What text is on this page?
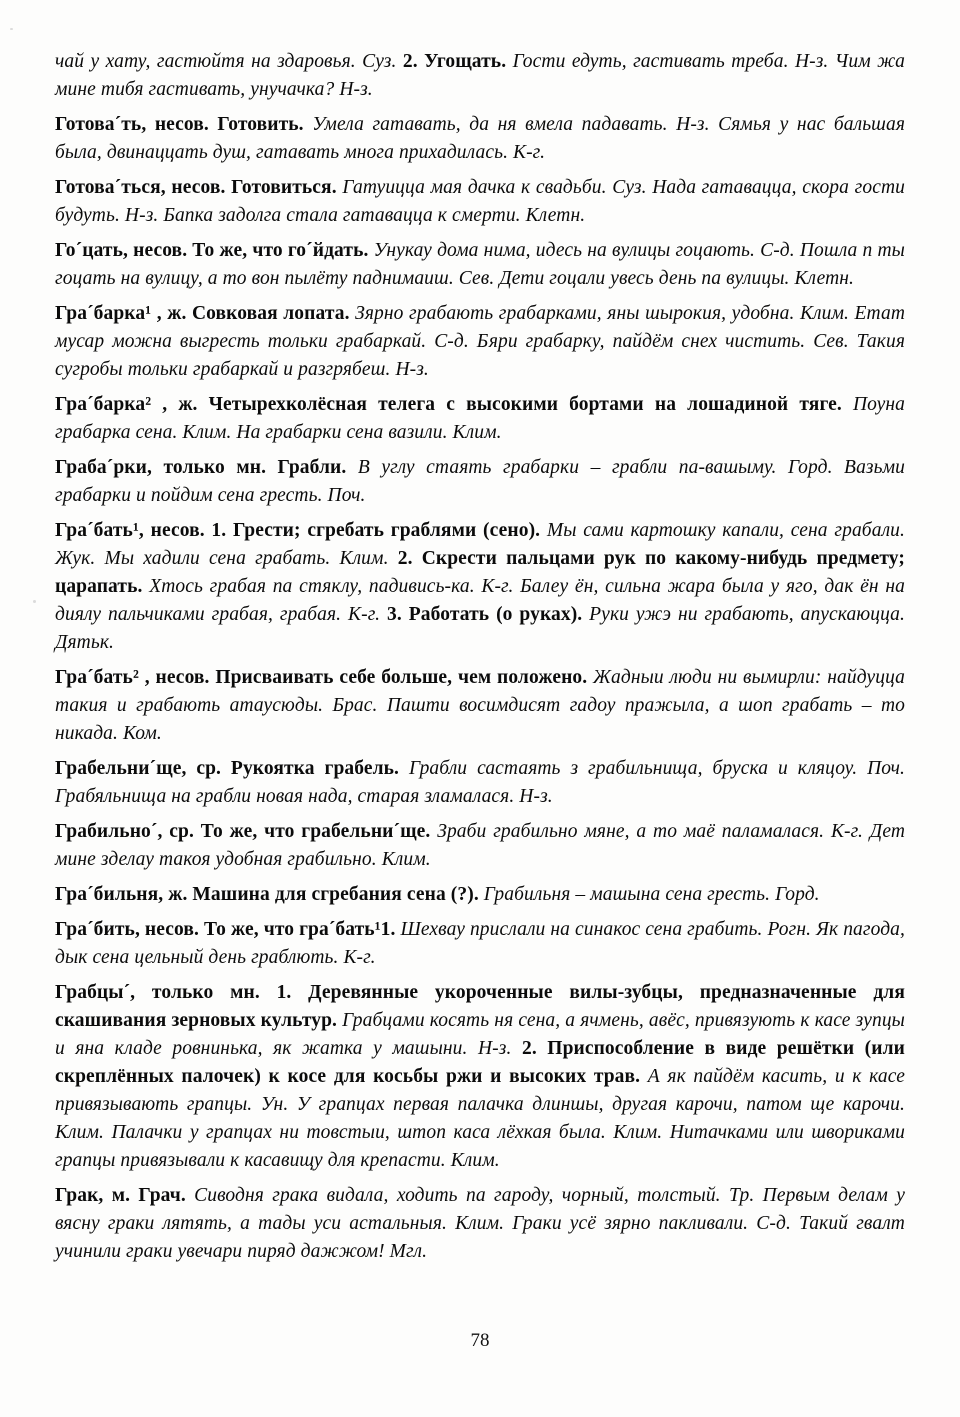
чай у хату, гастюйтя на здаровья. Суз. 2. Угощать. Гости едуть, гастивать треба. Н-з. Чим жа мине тибя гастивать, унучачка? Н-з.

Готова´ть, несов. Готовить. Умела гатавать, да ня вмела падавать. Н-з. Сямья у нас бальшая была, двинаццать душ, гатавать многа прихадилась. К-г.

Готова´ться, несов. Готовиться. Гатуицца мая дачка к свадьби. Суз. Нада гатавацца, скора гости будуть. Н-з. Бапка задолга стала гатавацца к смерти. Клетн.

Го´цать, несов. То же, что го´йдать. Унукау дома нима, идесь на вулицы гоцають. С-д. Пошла п ты гоцать на вулицу, а то вон пылёту паднимаиш. Сев. Дети гоцали увесь день па вулицы. Клетн.

Гра´барка¹ , ж. Совковая лопата. Зярно грабають грабарками, яны шырокия, удобна. Клим. Етат мусар можна выгресть тольки грабаркай. С-д. Бяри грабарку, пайдём снех чистить. Сев. Такия сугробы тольки грабаркай и разгрябеш. Н-з.

Гра´барка² , ж. Четырехколёсная телега с высокими бортами на лошадиной тяге. Поуна грабарка сена. Клим. На грабарки сена вазили. Клим.

Граба´рки, только мн. Грабли. В углу стаять грабарки – грабли па-вашыму. Горд. Вазьми грабарки и пойдим сена гресть. Поч.

Гра´бать¹, несов. 1. Грести; сгребать граблями (сено). Мы сами картошку капали, сена грабали. Жук. Мы хадили сена грабать. Клим. 2. Скрести пальцами рук по какому-нибудь предмету; царапать. Хтось грабая па стяклу, падивись-ка. К-г. Балеу ён, сильна жара была у яго, дак ён на диялу пальчиками грабая, грабая. К-г. 3. Работать (о руках). Руки ужэ ни грабають, апускаюцца. Дятьк.

Гра´бать² , несов. Присваивать себе больше, чем положено. Жадныи люди ни вымирли: найдуцца такия и грабають атаусюды. Брас. Пашти восимдисят гадоу пражыла, а шоп грабать – то никада. Ком.

Грабельни´ще, ср. Рукоятка грабель. Грабли састаять з грабильнища, бруска и кляцоу. Поч. Грабяльнища на грабли новая нада, старая зламалася. Н-з.

Грабильно´, ср. То же, что грабельни´ще. Зраби грабильно мяне, а то маё паламалася. К-г. Дет мине зделау такоя удобная грабильно. Клим.

Гра´бильня, ж. Машина для сгребания сена (?). Грабильня – машына сена гресть. Горд.

Гра´бить, несов. То же, что гра´бать¹1. Шехвау прислали на синакос сена грабить. Рогн. Як пагода, дык сена цельный день граблють. К-г.

Грабцы´, только мн. 1. Деревянные укороченные вилы-зубцы, предназначенные для скашивания зерновых культур. Грабцами косять ня сена, а ячмень, авёс, привязують к касе зупцы и яна кладе ровнинька, як жатка у машыни. Н-з. 2. Приспособление в виде решётки (или скреплённых палочек) к косе для косьбы ржи и высоких трав. А як пайдём касить, и к касе привязывають грапцы. Ун. У грапцах первая палачка длиншы, другая карочи, патом ще карочи. Клим. Палачки у грапцах ни товстыи, штоп каса лёхкая была. Клим. Нитачками или швориками грапцы привязывали к касавищу для крепасти. Клим.

Грак, м. Грач. Сиводня грака видала, ходить па гароду, чорный, толстый. Тр. Первым делам у вясну граки лятять, а тады уси астальныя. Клим. Граки усё зярно пакливали. С-д. Такий гвалт учинили граки увечари пиряд дажжом! Мгл.

78
